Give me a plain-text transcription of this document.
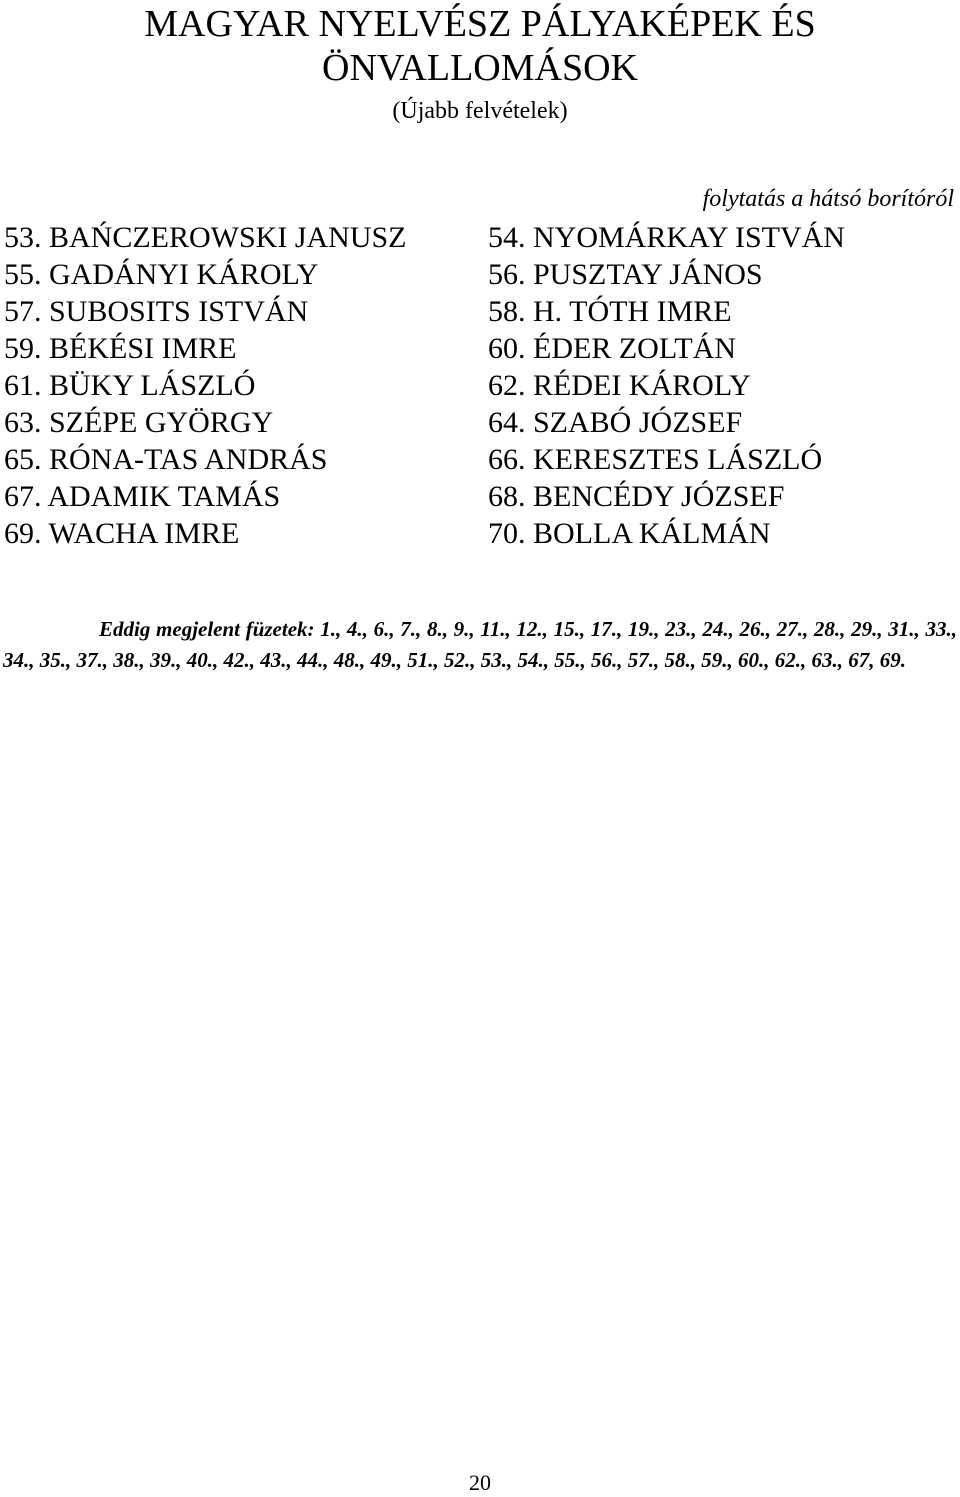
MAGYAR NYELVÉSZ PÁLYAKÉPEK ÉS
ÖNVALLOMÁSOK
(Újabb felvételek)
folytatás a hátsó borítóról
53. BAŃCZEROWSKI JANUSZ
55. GADÁNYI KÁROLY
57. SUBOSITS ISTVÁN
59. BÉKÉSI IMRE
61. BÜKY LÁSZLÓ
63. SZÉPE GYÖRGY
65. RÓNA-TAS ANDRÁS
67. ADAMIK TAMÁS
69. WACHA IMRE
54. NYOMÁRKAY ISTVÁN
56. PUSZTAY JÁNOS
58. H. TÓTH IMRE
60. ÉDER ZOLTÁN
62. RÉDEI KÁROLY
64. SZABÓ JÓZSEF
66. KERESZTES LÁSZLÓ
68. BENCÉDY JÓZSEF
70. BOLLA KÁLMÁN
Eddig megjelent füzetek: 1., 4., 6., 7., 8., 9., 11., 12., 15., 17., 19., 23., 24., 26., 27., 28., 29., 31., 33., 34., 35., 37., 38., 39., 40., 42., 43., 44., 48., 49., 51., 52., 53., 54., 55., 56., 57., 58., 59., 60., 62., 63., 67, 69.
20
